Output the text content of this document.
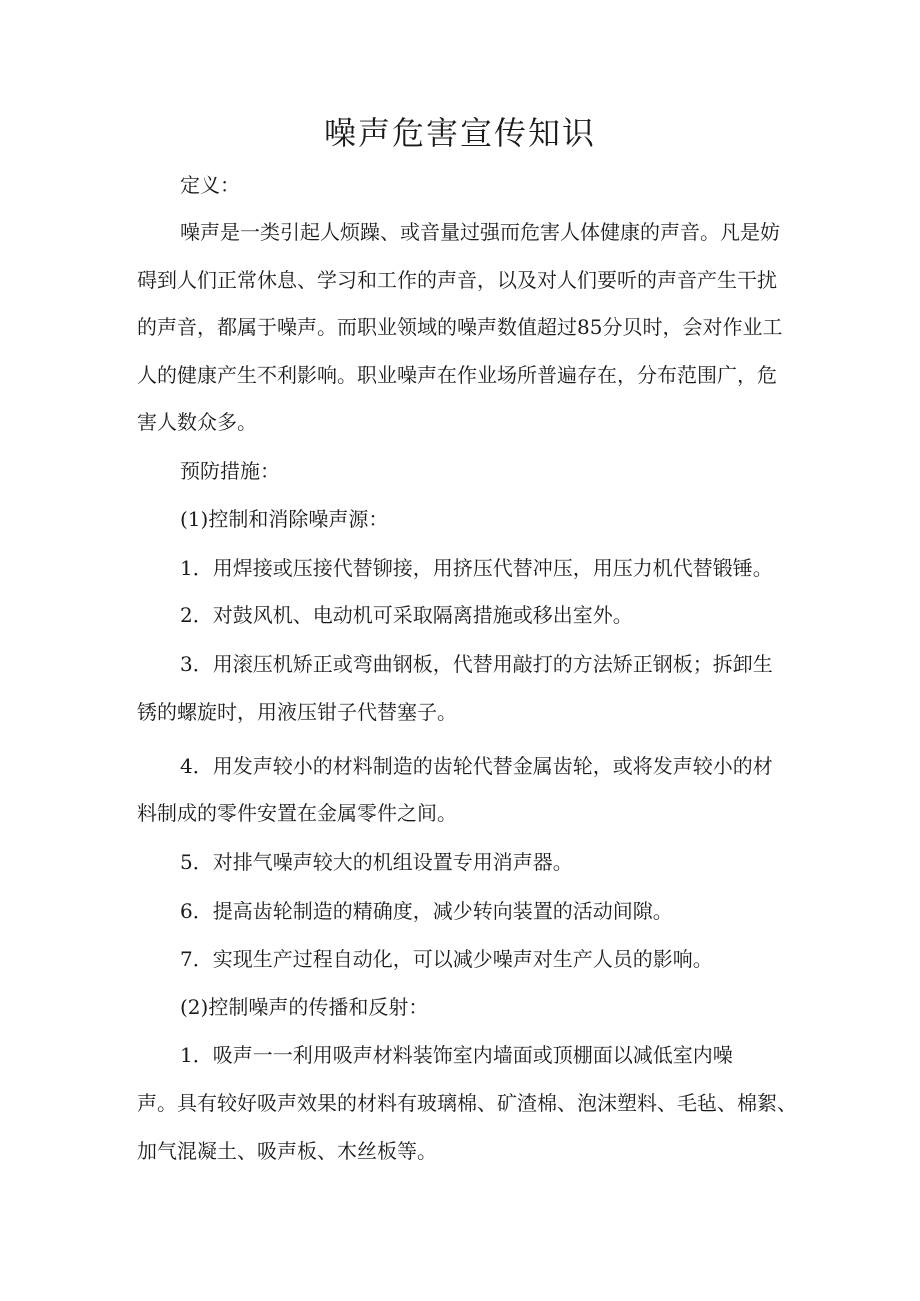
噪声危害宣传知识
定义：
噪声是一类引起人烦躁、或音量过强而危害人体健康的声音。凡是妨
碍到人们正常休息、学习和工作的声音，以及对人们要听的声音产生干扰
的声音，都属于噪声。而职业领域的噪声数值超过85分贝时，会对作业工
人的健康产生不利影响。职业噪声在作业场所普遍存在，分布范围广，危
害人数众多。
预防措施：
(1)控制和消除噪声源：
1．用焊接或压接代替铆接，用挤压代替冲压，用压力机代替锻锤。
2．对鼓风机、电动机可采取隔离措施或移出室外。
3．用滚压机矫正或弯曲钢板，代替用敲打的方法矫正钢板；拆卸生
锈的螺旋时，用液压钳子代替塞子。
4．用发声较小的材料制造的齿轮代替金属齿轮，或将发声较小的材
料制成的零件安置在金属零件之间。
5．对排气噪声较大的机组设置专用消声器。
6．提高齿轮制造的精确度，减少转向装置的活动间隙。
7．实现生产过程自动化，可以减少噪声对生产人员的影响。
(2)控制噪声的传播和反射：
1．吸声一一利用吸声材料装饰室内墙面或顶棚面以减低室内噪
声。具有较好吸声效果的材料有玻璃棉、矿渣棉、泡沫塑料、毛毡、棉絮、
加气混凝土、吸声板、木丝板等。
